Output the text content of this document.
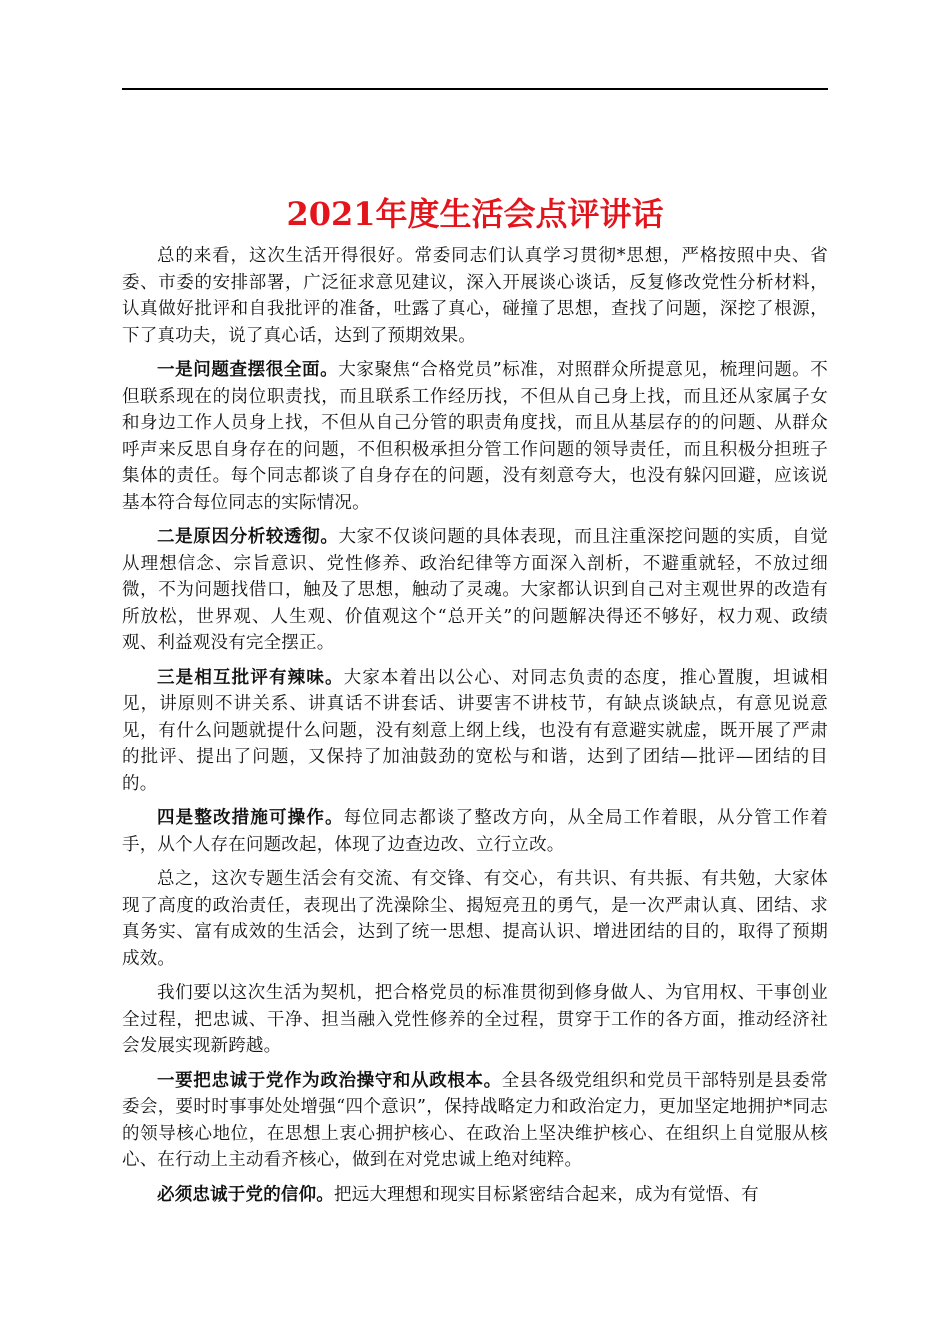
2021年度生活会点评讲话

总的来看，这次生活开得很好。常委同志们认真学习贯彻*思想，严格按照中央、省委、市委的安排部署，广泛征求意见建议，深入开展谈心谈话，反复修改党性分析材料，认真做好批评和自我批评的准备，吐露了真心，碰撞了思想，查找了问题，深挖了根源，下了真功夫，说了真心话，达到了预期效果。

一是问题查摆很全面。大家聚焦“合格党员”标准，对照群众所提意见，梳理问题。不但联系现在的岗位职责找，而且联系工作经历找，不但从自己身上找，而且还从家属子女和身边工作人员身上找，不但从自己分管的职责角度找，而且从基层存的的问题、从群众呼声来反思自身存在的问题，不但积极承担分管工作问题的领导责任，而且积极分担班子集体的责任。每个同志都谈了自身存在的问题，没有刻意夸大，也没有躲闪回避，应该说基本符合每位同志的实际情况。

二是原因分析较透彻。大家不仅谈问题的具体表现，而且注重深挖问题的实质，自觉从理想信念、宗旨意识、党性修养、政治纪律等方面深入剖析，不避重就轻，不放过细微，不为问题找借口，触及了思想，触动了灵魂。大家都认识到自己对主观世界的改造有所放松，世界观、人生观、价值观这个“总开关”的问题解决得还不够好，权力观、政绩观、利益观没有完全摆正。

三是相互批评有辣味。大家本着出以公心、对同志负责的态度，推心置腹，坦诚相见，讲原则不讲关系、讲真话不讲套话、讲要害不讲枝节，有缺点谈缺点，有意见说意见，有什么问题就提什么问题，没有刻意上纲上线，也没有有意避实就虚，既开展了严肃的批评、提出了问题，又保持了加油鼓劲的宽松与和谐，达到了团结—批评—团结的目的。

四是整改措施可操作。每位同志都谈了整改方向，从全局工作着眼，从分管工作着手，从个人存在问题改起，体现了边查边改、立行立改。

总之，这次专题生活会有交流、有交锋、有交心，有共识、有共振、有共勉，大家体现了高度的政治责任，表现出了洗澡除尘、揭短亮丑的勇气，是一次严肃认真、团结、求真务实、富有成效的生活会，达到了统一思想、提高认识、增进团结的目的，取得了预期成效。

我们要以这次生活为契机，把合格党员的标准贯彻到修身做人、为官用权、干事创业全过程，把忠诚、干净、担当融入党性修养的全过程，贯穿于工作的各方面，推动经济社会发展实现新跨越。

一要把忠诚于党作为政治操守和从政根本。全县各级党组织和党员干部特别是县委常委会，要时时事事处处增强“四个意识”，保持战略定力和政治定力，更加坚定地拥护*同志的领导核心地位，在思想上衷心拥护核心、在政治上坚决维护核心、在组织上自觉服从核心、在行动上主动看齐核心，做到在对党忠诚上绝对纯粹。

必须忠诚于党的信仰。把远大理想和现实目标紧密结合起来，成为有觉悟、有
